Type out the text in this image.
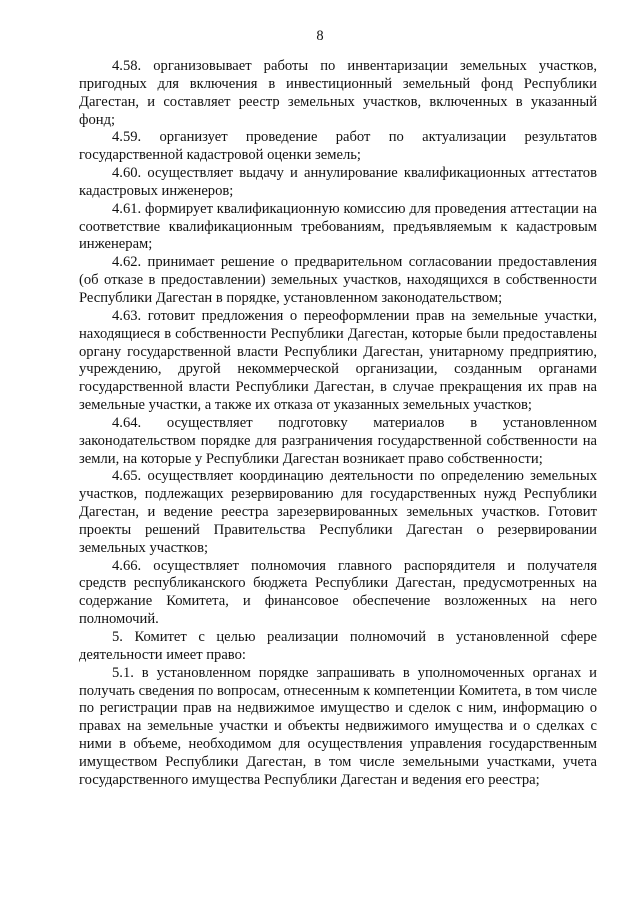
8

4.58. организовывает работы по инвентаризации земельных участков, пригодных для включения в инвестиционный земельный фонд Республики Дагестан, и составляет реестр земельных участков, включенных в указанный фонд;

4.59. организует проведение работ по актуализации результатов государственной кадастровой оценки земель;

4.60. осуществляет выдачу и аннулирование квалификационных аттестатов кадастровых инженеров;

4.61. формирует квалификационную комиссию для проведения аттестации на соответствие квалификационным требованиям, предъявляемым к кадастровым инженерам;

4.62. принимает решение о предварительном согласовании предоставления (об отказе в предоставлении) земельных участков, находящихся в собственности Республики Дагестан в порядке, установленном законодательством;

4.63. готовит предложения о переоформлении прав на земельные участки, находящиеся в собственности Республики Дагестан, которые были предоставлены органу государственной власти Республики Дагестан, унитарному предприятию, учреждению, другой некоммерческой организации, созданным органами государственной власти Республики Дагестан, в случае прекращения их прав на земельные участки, а также их отказа от указанных земельных участков;

4.64. осуществляет подготовку материалов в установленном законодательством порядке для разграничения государственной собственности на земли, на которые у Республики Дагестан возникает право собственности;

4.65. осуществляет координацию деятельности по определению земельных участков, подлежащих резервированию для государственных нужд Республики Дагестан, и ведение реестра зарезервированных земельных участков. Готовит проекты решений Правительства Республики Дагестан о резервировании земельных участков;

4.66. осуществляет полномочия главного распорядителя и получателя средств республиканского бюджета Республики Дагестан, предусмотренных на содержание Комитета, и финансовое обеспечение возложенных на него полномочий.

5. Комитет с целью реализации полномочий в установленной сфере деятельности имеет право:

5.1. в установленном порядке запрашивать в уполномоченных органах и получать сведения по вопросам, отнесенным к компетенции Комитета, в том числе по регистрации прав на недвижимое имущество и сделок с ним, информацию о правах на земельные участки и объекты недвижимого имущества и о сделках с ними в объеме, необходимом для осуществления управления государственным имуществом Республики Дагестан, в том числе земельными участками, учета государственного имущества Республики Дагестан и ведения его реестра;
